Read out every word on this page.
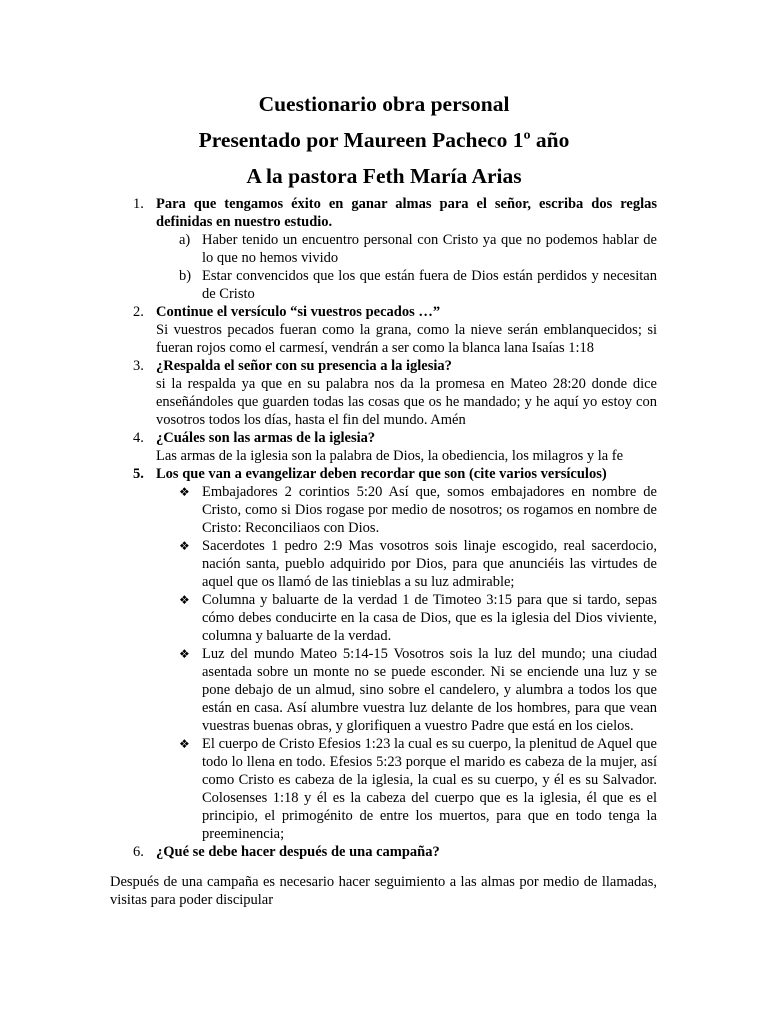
Cuestionario obra personal
Presentado por Maureen Pacheco 1º año
A la pastora Feth María Arias
1. Para que tengamos éxito en ganar almas para el señor, escriba dos reglas definidas en nuestro estudio.
a) Haber tenido un encuentro personal con Cristo ya que no podemos hablar de lo que no hemos vivido
b) Estar convencidos que los que están fuera de Dios están perdidos y necesitan de Cristo
2. Continue el versículo “si vuestros pecados …”
Si vuestros pecados fueran como la grana, como la nieve serán emblanquecidos; si fueran rojos como el carmesí, vendrán a ser como la blanca lana Isaías 1:18
3. ¿Respalda el señor con su presencia a la iglesia?
si la respalda ya que en su palabra nos da la promesa en Mateo 28:20 donde dice enseñándoles que guarden todas las cosas que os he mandado; y he aquí yo estoy con vosotros todos los días, hasta el fin del mundo. Amén
4. ¿Cuáles son las armas de la iglesia?
Las armas de la iglesia son la palabra de Dios, la obediencia, los milagros y la fe
5. Los que van a evangelizar deben recordar que son (cite varios versículos)
❖ Embajadores 2 corintios 5:20 Así que, somos embajadores en nombre de Cristo, como si Dios rogase por medio de nosotros; os rogamos en nombre de Cristo: Reconciliaos con Dios.
❖ Sacerdotes 1 pedro 2:9 Mas vosotros sois linaje escogido, real sacerdocio, nación santa, pueblo adquirido por Dios, para que anunciéis las virtudes de aquel que os llamó de las tinieblas a su luz admirable;
❖ Columna y baluarte de la verdad 1 de Timoteo 3:15 para que si tardo, sepas cómo debes conducirte en la casa de Dios, que es la iglesia del Dios viviente, columna y baluarte de la verdad.
❖ Luz del mundo Mateo 5:14-15 Vosotros sois la luz del mundo; una ciudad asentada sobre un monte no se puede esconder. Ni se enciende una luz y se pone debajo de un almud, sino sobre el candelero, y alumbra a todos los que están en casa. Así alumbre vuestra luz delante de los hombres, para que vean vuestras buenas obras, y glorifiquen a vuestro Padre que está en los cielos.
❖ El cuerpo de Cristo Efesios 1:23 la cual es su cuerpo, la plenitud de Aquel que todo lo llena en todo. Efesios 5:23 porque el marido es cabeza de la mujer, así como Cristo es cabeza de la iglesia, la cual es su cuerpo, y él es su Salvador. Colosenses 1:18 y él es la cabeza del cuerpo que es la iglesia, él que es el principio, el primogénito de entre los muertos, para que en todo tenga la preeminencia;
6. ¿Qué se debe hacer después de una campaña?
Después de una campaña es necesario hacer seguimiento a las almas por medio de llamadas, visitas para poder discipular
